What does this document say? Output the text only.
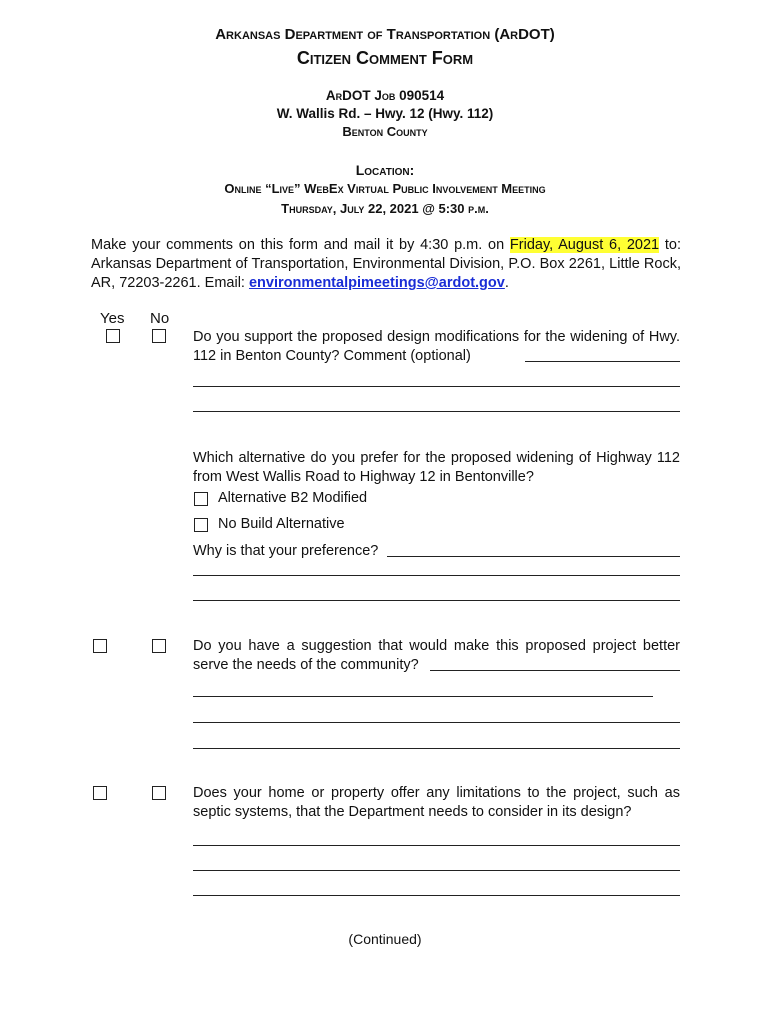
Arkansas Department of Transportation (ArDOT)
Citizen Comment Form
ArDOT Job 090514
W. Wallis Rd. – Hwy. 12 (Hwy. 112)
Benton County
Location:
Online “Live” WebEx Virtual Public Involvement Meeting
Thursday, July 22, 2021 @ 5:30 p.m.
Make your comments on this form and mail it by 4:30 p.m. on Friday, August 6, 2021 to: Arkansas Department of Transportation, Environmental Division, P.O. Box 2261, Little Rock, AR, 72203-2261. Email: environmentalpimeetings@ardot.gov.
Yes No
Do you support the proposed design modifications for the widening of Hwy. 112 in Benton County? Comment (optional)
Which alternative do you prefer for the proposed widening of Highway 112 from West Wallis Road to Highway 12 in Bentonville?
Alternative B2 Modified
No Build Alternative
Why is that your preference?
Do you have a suggestion that would make this proposed project better serve the needs of the community?
Does your home or property offer any limitations to the project, such as septic systems, that the Department needs to consider in its design?
(Continued)
